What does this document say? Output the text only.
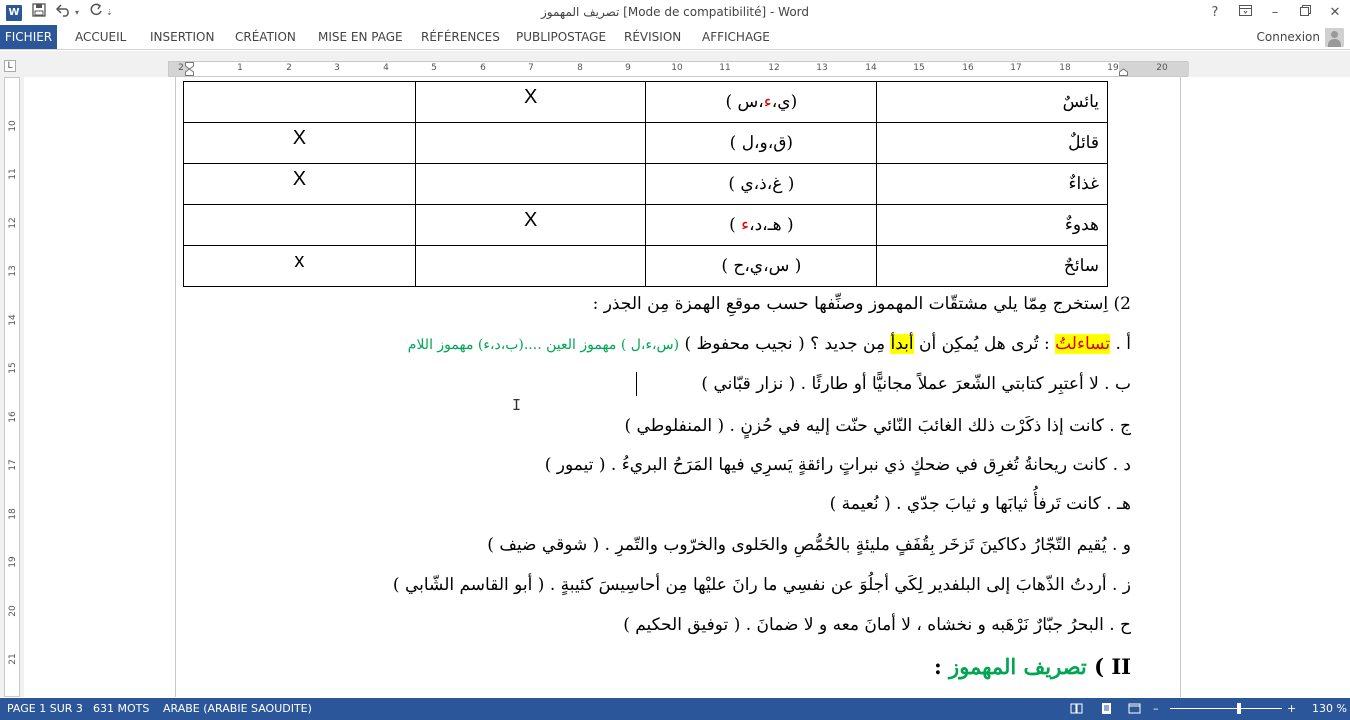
W	▾	⇣	تصريف المهموز [Mode de compatibilité] - Word	?	–	✕
FICHIER	ACCUEIL INSERTION CRÉATION MISE EN PAGE RÉFÉRENCES PUBLIPOSTAGE RÉVISION AFFICHAGE	Connexion
L	2	1	2	3	4	5	6	7	8	9	10	11	12	13	14	15	16	17	18	19	20
10
11
12
13
14
15
16
17
18
19
20
21
يائسٌ	(ي،ء،س )	X	
قائلٌ	(ق،و،ل )		X
غذاءٌ	( غ،ذ،ي )		X
هدوءٌ	( هـ،د،ء )	X	
سائحٌ	( س،ي،ح )		x
2) اِستخرج مِمّا يلي مشتقّات المهموز وصنِّفها حسب موقعِ الهمزة مِن الجذر :
أ . تساءلتُ : تُرى هل يُمكِن أن أبدأ مِن جديد ؟ ( نجيب محفوظ ) (س،ء،ل ) مهموز العين ....(ب،د،ء) مهموز اللام
ب . لا أعتبِر كتابتي الشّعرَ عملاً مجانيًّا أو طارئًا . ( نزار قبّاني )
ج . كانت إذا ذكَرْت ذلك الغائبَ النّائي حنّت إليه في حُزنٍ . ( المنفلوطي )
د . كانت ريحانةُ تُغرِق في ضحكٍ ذي نبراتٍ رائقةٍ يَسرِي فيها المَرَحُ البريءُ . ( تيمور )
هـ . كانت تَرفأُ ثيابَها و ثيابَ جدّي . ( نُعيمة )
و . يُقيم التّجّارُ دكاكينَ تَزخَر بِقُفَفٍ مليئةٍ بالحُمُّصِ والحَلوى والخرّوب والتّمرِ . ( شوقي ضيف )
ز . أردتُ الذّهابَ إلى البلفدير لِكَي أجلُوَ عن نفسِي ما رانَ عليْها مِن أحاسِيسَ كئيبةٍ . ( أبو القاسم الشّابي )
ح . البحرُ جبّارٌ نَرْهَبه و نخشاه ، لا أمانَ معه و لا ضمانَ . ( توفيق الحكيم )
II ) تصريف المهموز :
I
PAGE 1 SUR 3 631 MOTS ARABE (ARABIE SAOUDITE)	–	+ 130 %
